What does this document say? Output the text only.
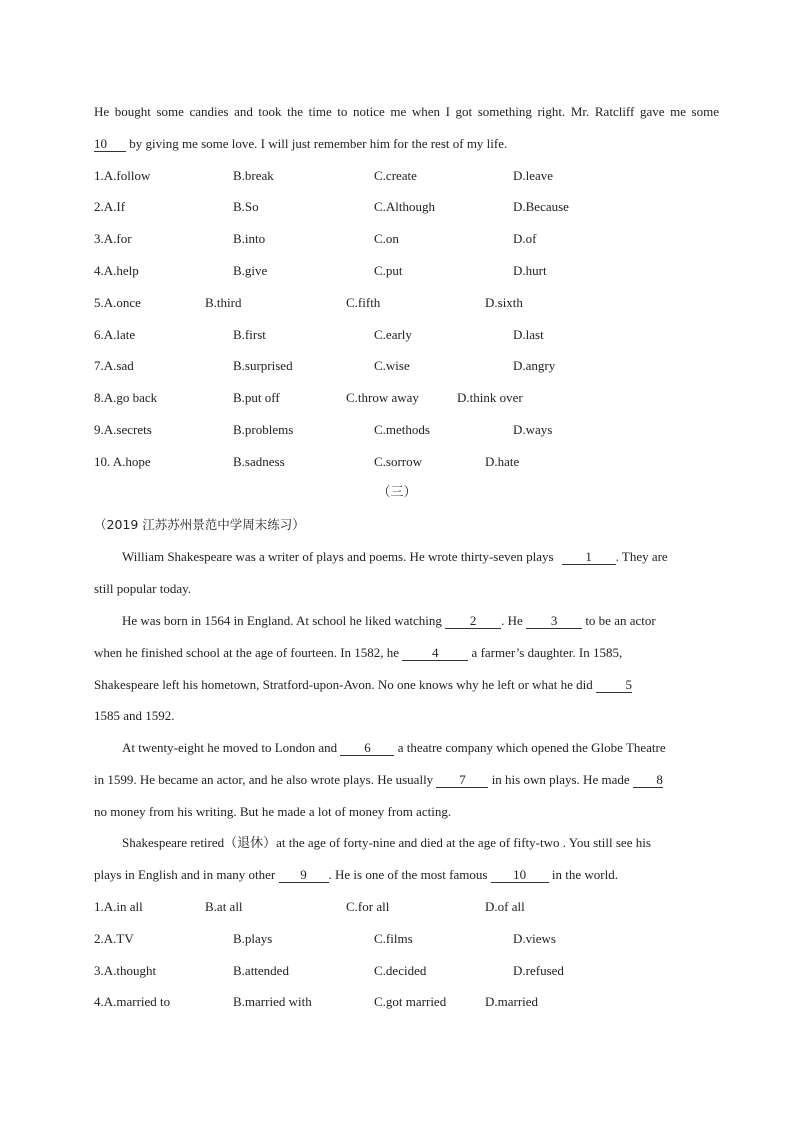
He bought some candies and took the time to notice me when I got something right. Mr. Ratcliff gave me some
10 by giving me some love. I will just remember him for the rest of my life.
1.A.follow	B.break	C.create	D.leave
2.A.If	B.So	C.Although	D.Because
3.A.for	B.into	C.on	D.of
4.A.help	B.give	C.put	D.hurt
5.A.once	B.third	C.fifth	D.sixth
6.A.late	B.first	C.early	D.last
7.A.sad	B.surprised	C.wise	D.angry
8.A.go back	B.put off	C.throw away	D.think over
9.A.secrets	B.problems	C.methods	D.ways
10. A.hope	B.sadness	C.sorrow	D.hate
（三）
（2019 江苏苏州景范中学周末练习）
William Shakespeare was a writer of plays and poems. He wrote thirty-seven plays 1 . They are
still popular today.
He was born in 1564 in England. At school he liked watching 2 . He 3 to be an actor
when he finished school at the age of fourteen. In 1582, he 4 a farmer’s daughter. In 1585,
Shakespeare left his hometown, Stratford-upon-Avon. No one knows why he left or what he did 5
1585 and 1592.
At twenty-eight he moved to London and 6 a theatre company which opened the Globe Theatre
in 1599. He became an actor, and he also wrote plays. He usually 7 in his own plays. He made 8
no money from his writing. But he made a lot of money from acting.
Shakespeare retired（退休）at the age of forty-nine and died at the age of fifty-two . You still see his
plays in English and in many other 9 . He is one of the most famous 10 in the world.
1.A.in all	B.at all	C.for all	D.of all
2.A.TV	B.plays	C.films	D.views
3.A.thought	B.attended	C.decided	D.refused
4.A.married to	B.married with	C.got married	D.married
